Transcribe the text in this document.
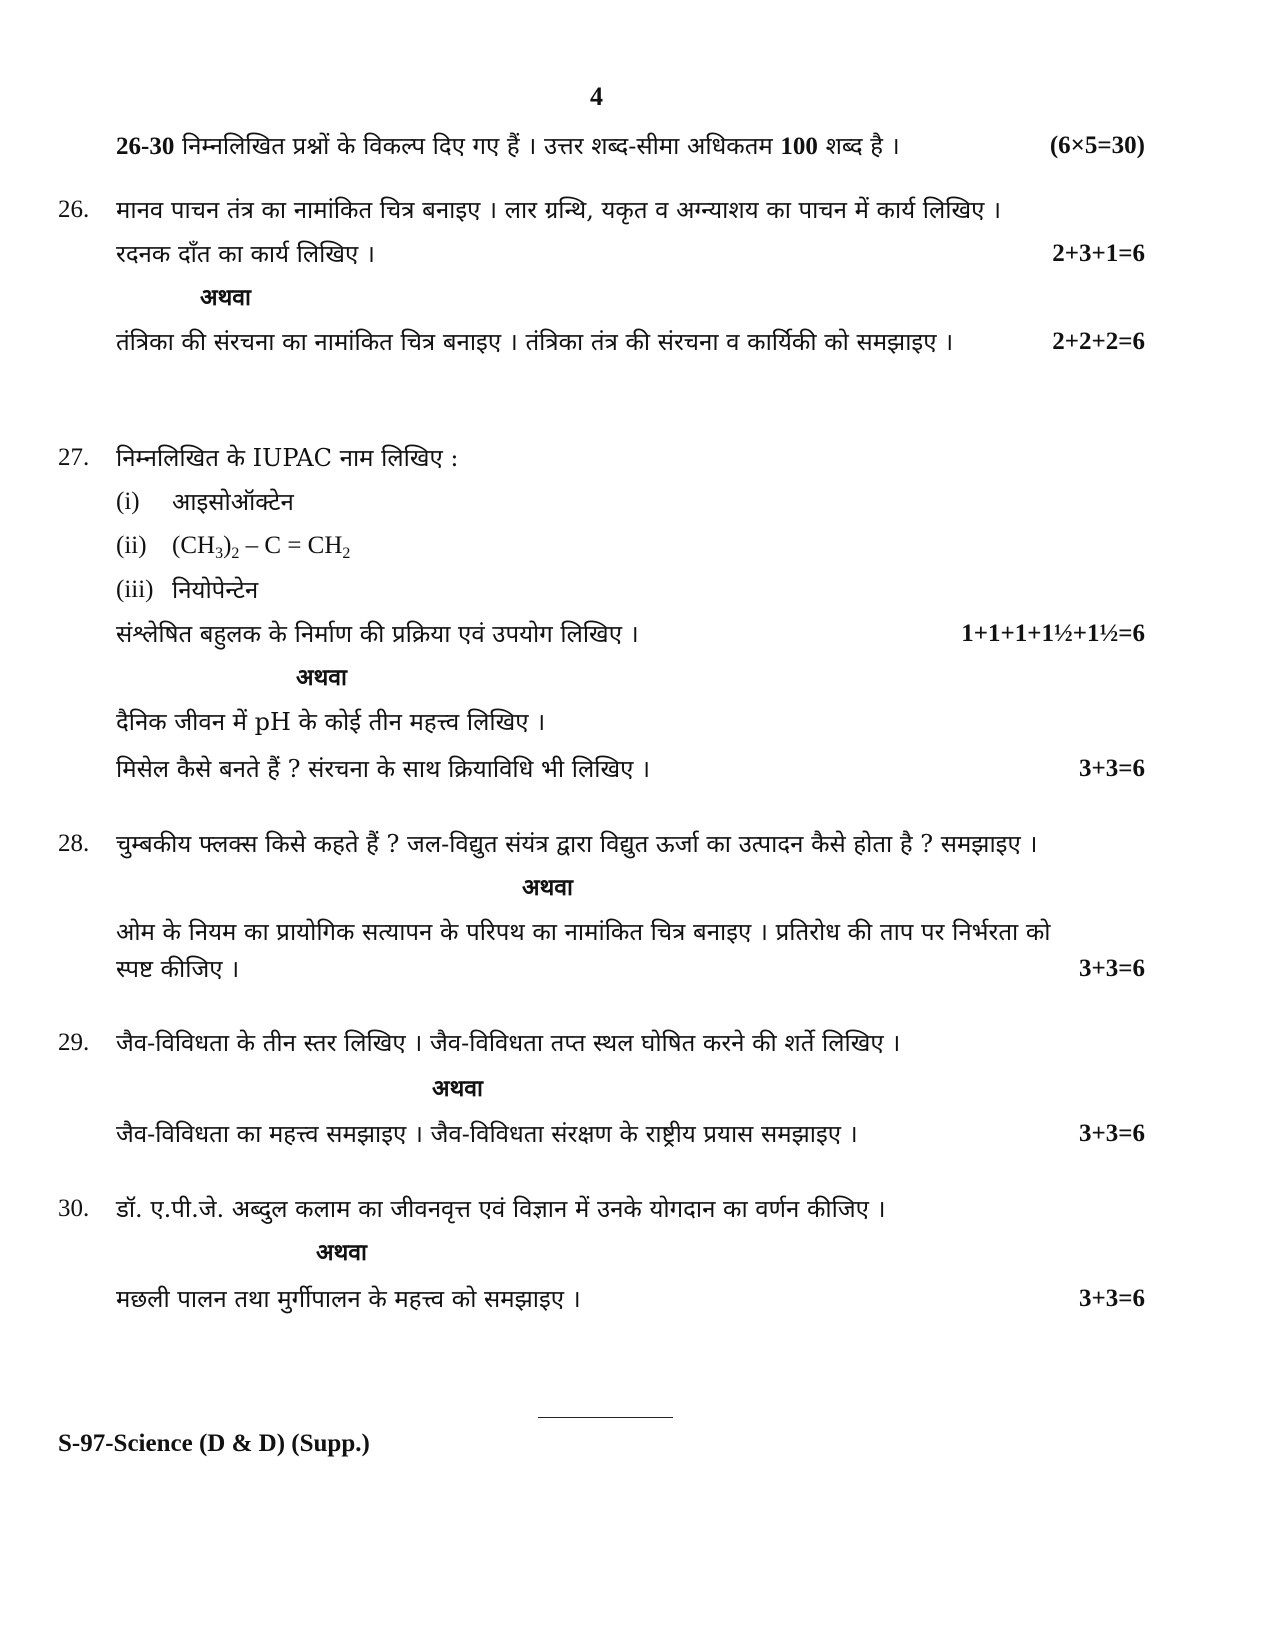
4
26-30 निम्नलिखित प्रश्नों के विकल्प दिए गए हैं । उत्तर शब्द-सीमा अधिकतम 100 शब्द है ।	(6×5=30)
26. मानव पाचन तंत्र का नामांकित चित्र बनाइए । लार ग्रन्थि, यकृत व अग्न्याशय का पाचन में कार्य लिखिए ।
रदनक दाँत का कार्य लिखिए ।	2+3+1=6
अथवा
तंत्रिका की संरचना का नामांकित चित्र बनाइए । तंत्रिका तंत्र की संरचना व कार्यिकी को समझाइए ।	2+2+2=6
27. निम्नलिखित के IUPAC नाम लिखिए :
(i) आइसोऑक्टेन
(ii) $(CH_3)_2 - C = CH_2$
(iii) नियोपेन्टेन
संश्लेषित बहुलक के निर्माण की प्रक्रिया एवं उपयोग लिखिए ।	1+1+1+1½+1½=6
अथवा
दैनिक जीवन में pH के कोई तीन महत्त्व लिखिए ।
मिसेल कैसे बनते हैं ? संरचना के साथ क्रियाविधि भी लिखिए ।	3+3=6
28. चुम्बकीय फ्लक्स किसे कहते हैं ? जल-विद्युत संयंत्र द्वारा विद्युत ऊर्जा का उत्पादन कैसे होता है ? समझाइए ।
अथवा
ओम के नियम का प्रायोगिक सत्यापन के परिपथ का नामांकित चित्र बनाइए । प्रतिरोध की ताप पर निर्भरता को
स्पष्ट कीजिए ।	3+3=6
29. जैव-विविधता के तीन स्तर लिखिए । जैव-विविधता तप्त स्थल घोषित करने की शर्ते लिखिए ।
अथवा
जैव-विविधता का महत्त्व समझाइए । जैव-विविधता संरक्षण के राष्ट्रीय प्रयास समझाइए ।	3+3=6
30. डॉ. ए.पी.जे. अब्दुल कलाम का जीवनवृत्त एवं विज्ञान में उनके योगदान का वर्णन कीजिए ।
अथवा
मछली पालन तथा मुर्गीपालन के महत्त्व को समझाइए ।	3+3=6
S-97-Science (D & D) (Supp.)
